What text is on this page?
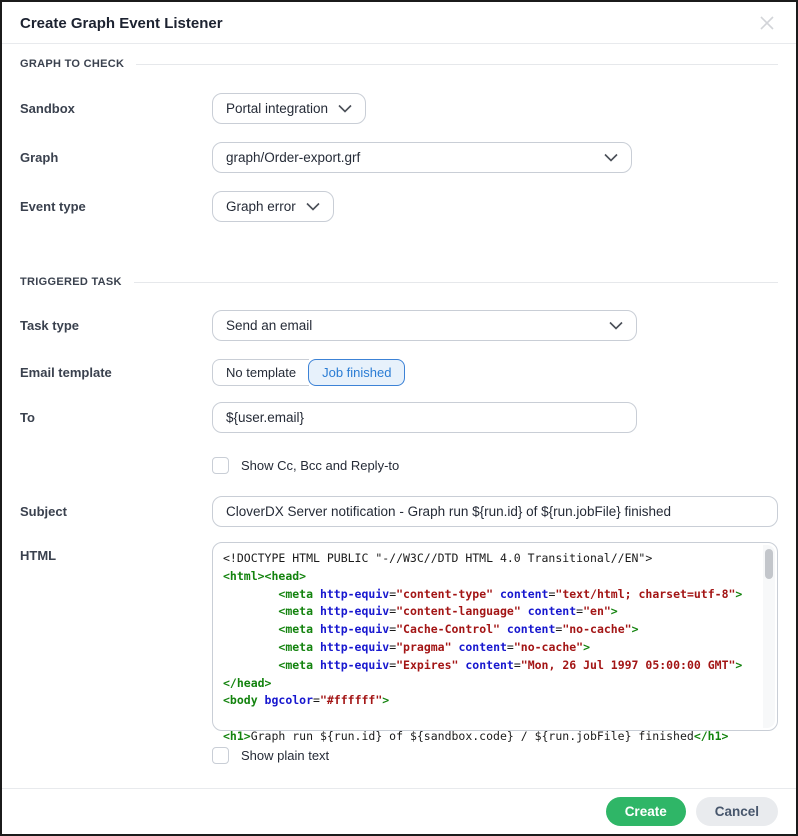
Create Graph Event Listener
GRAPH TO CHECK
Sandbox	Portal integration
Graph	graph/Order-export.grf
Event type	Graph error
TRIGGERED TASK
Task type	Send an email
Email template	No template	Job finished
To	${user.email}
Show Cc, Bcc and Reply-to
Subject	CloverDX Server notification - Graph run ${run.id} of ${run.jobFile} finished
HTML	<!DOCTYPE HTML PUBLIC "-//W3C//DTD HTML 4.0 Transitional//EN">
<html><head>
<meta http-equiv="content-type" content="text/html; charset=utf-8">
<meta http-equiv="content-language" content="en">
<meta http-equiv="Cache-Control" content="no-cache">
<meta http-equiv="pragma" content="no-cache">
<meta http-equiv="Expires" content="Mon, 26 Jul 1997 05:00:00 GMT">
</head>
<body bgcolor="#ffffff">

<h1>Graph run ${run.id} of ${sandbox.code} / ${run.jobFile} finished</h1>
Show plain text
Create	Cancel
